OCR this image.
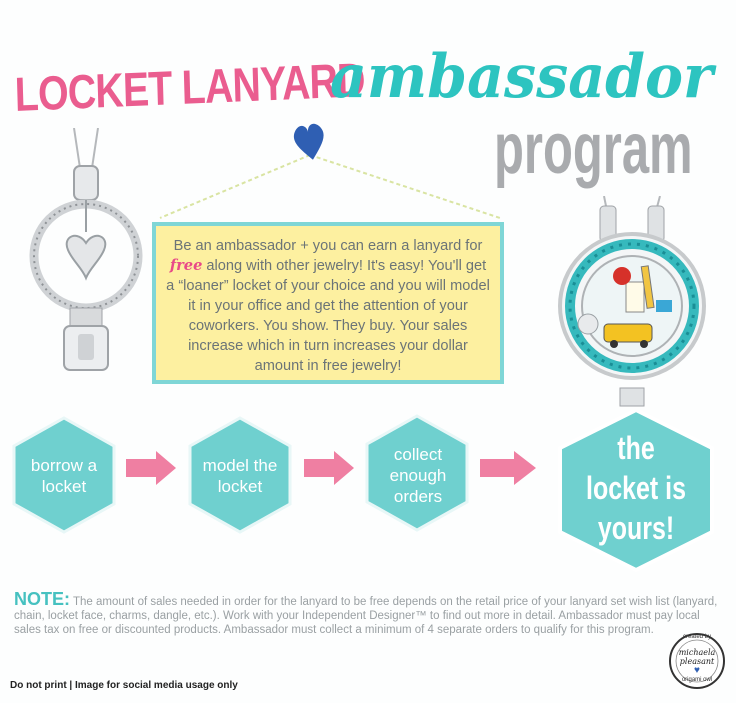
LOCKET LANYARD
ambassador
program
Be an ambassador + you can earn a lanyard for free along with other jewelry! It's easy! You'll get a “loaner” locket of your choice and you will model it in your office and get the attention of your coworkers. You show. They buy. Your sales increase which in turn increases your dollar amount in free jewelry!
borrow a locket
model the locket
collect enough orders
the locket is yours!
NOTE: The amount of sales needed in order for the lanyard to be free depends on the retail price of your lanyard set wish list (lanyard, chain, locket face, charms, dangle, etc.). Work with your Independent Designer™ to find out more in detail. Ambassador must pay local sales tax on free or discounted products. Ambassador must collect a minimum of 4 separate orders to qualify for this program.
Do not print | Image for social media usage only
created by
michaela
pleasant
♥
origami owl
